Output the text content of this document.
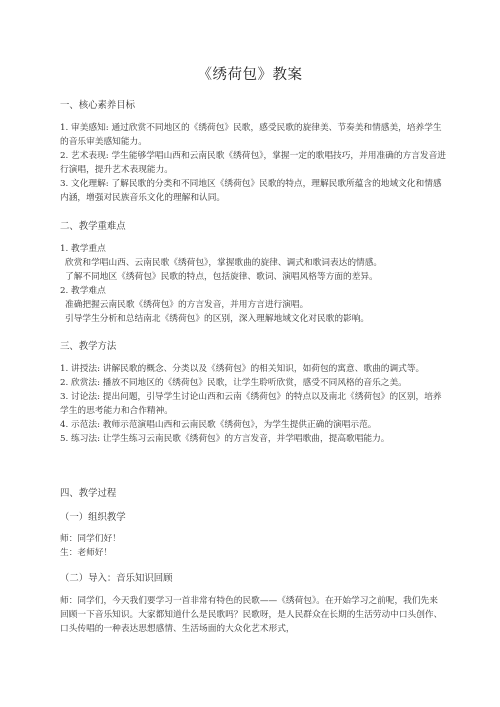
《绣荷包》教案
一、核心素养目标

1. 审美感知: 通过欣赏不同地区的《绣荷包》民歌，感受民歌的旋律美、节奏美和情感美，培养学生的音乐审美感知能力。

2. 艺术表现: 学生能够学唱山西和云南民歌《绣荷包》，掌握一定的歌唱技巧，并用准确的方言发音进行演唱，提升艺术表现能力。

3. 文化理解: 了解民歌的分类和不同地区《绣荷包》民歌的特点，理解民歌所蕴含的地域文化和情感内涵，增强对民族音乐文化的理解和认同。

二、教学重难点

1. 教学重点

欣赏和学唱山西、云南民歌《绣荷包》，掌握歌曲的旋律、调式和歌词表达的情感。

了解不同地区《绣荷包》民歌的特点，包括旋律、歌词、演唱风格等方面的差异。

2. 教学难点

准确把握云南民歌《绣荷包》的方言发音，并用方言进行演唱。

引导学生分析和总结南北《绣荷包》的区别，深入理解地域文化对民歌的影响。

三、教学方法

1. 讲授法: 讲解民歌的概念、分类以及《绣荷包》的相关知识，如荷包的寓意、歌曲的调式等。

2. 欣赏法: 播放不同地区的《绣荷包》民歌，让学生聆听欣赏，感受不同风格的音乐之美。

3. 讨论法: 提出问题，引导学生讨论山西和云南《绣荷包》的特点以及南北《绣荷包》的区别，培养学生的思考能力和合作精神。

4. 示范法: 教师示范演唱山西和云南民歌《绣荷包》，为学生提供正确的演唱示范。

5. 练习法: 让学生练习云南民歌《绣荷包》的方言发音，并学唱歌曲，提高歌唱能力。

四、教学过程
（一）组织教学

师：同学们好！

生：老师好！

（二）导入：音乐知识回顾

师：同学们，今天我们要学习一首非常有特色的民歌——《绣荷包》。在开始学习之前呢，我们先来回顾一下音乐知识。大家都知道什么是民歌吗？民歌呀，是人民群众在长期的生活劳动中口头创作、口头传唱的一种表达思想感情、生活场面的大众化艺术形式，
